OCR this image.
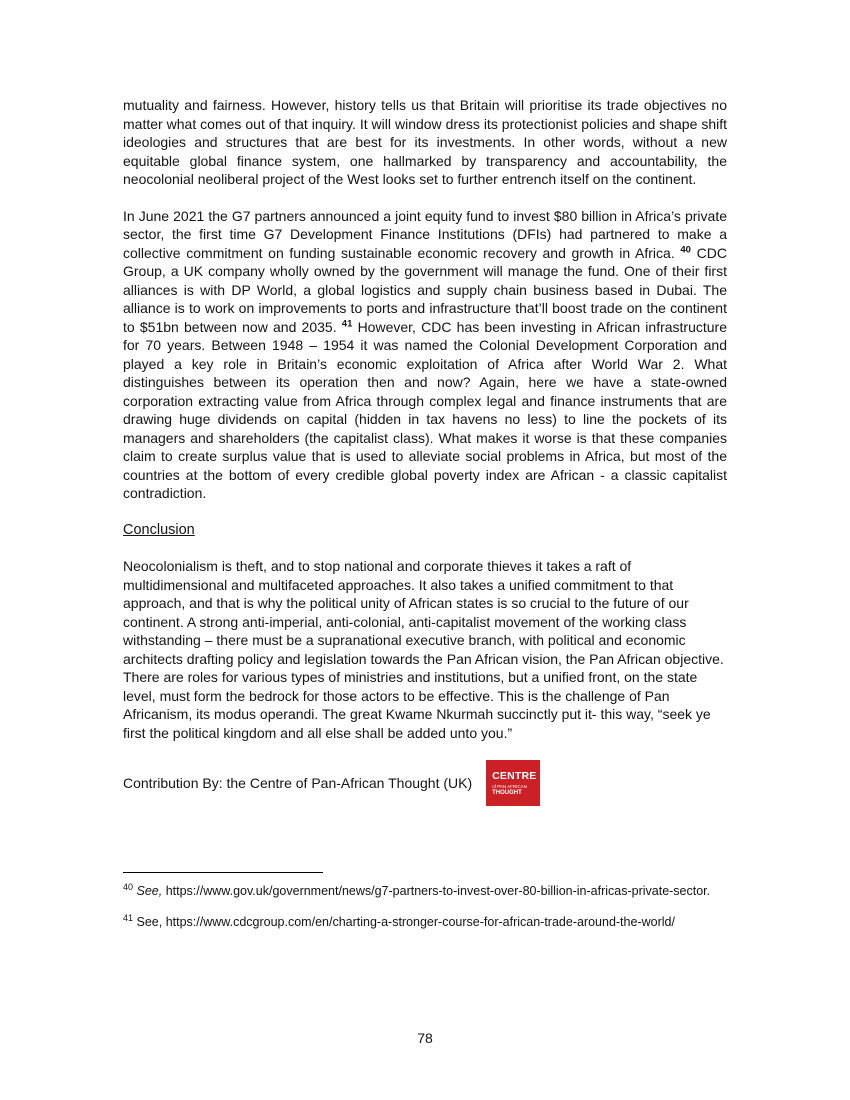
mutuality and fairness. However, history tells us that Britain will prioritise its trade objectives no matter what comes out of that inquiry. It will window dress its protectionist policies and shape shift ideologies and structures that are best for its investments. In other words, without a new equitable global finance system, one hallmarked by transparency and accountability, the neocolonial neoliberal project of the West looks set to further entrench itself on the continent.

In June 2021 the G7 partners announced a joint equity fund to invest $80 billion in Africa’s private sector, the first time G7 Development Finance Institutions (DFIs) had partnered to make a collective commitment on funding sustainable economic recovery and growth in Africa. $^{40}$ CDC Group, a UK company wholly owned by the government will manage the fund. One of their first alliances is with DP World, a global logistics and supply chain business based in Dubai. The alliance is to work on improvements to ports and infrastructure that’ll boost trade on the continent to $51bn between now and 2035. $^{41}$ However, CDC has been investing in African infrastructure for 70 years. Between 1948 – 1954 it was named the Colonial Development Corporation and played a key role in Britain’s economic exploitation of Africa after World War 2. What distinguishes between its operation then and now? Again, here we have a state-owned corporation extracting value from Africa through complex legal and finance instruments that are drawing huge dividends on capital (hidden in tax havens no less) to line the pockets of its managers and shareholders (the capitalist class). What makes it worse is that these companies claim to create surplus value that is used to alleviate social problems in Africa, but most of the countries at the bottom of every credible global poverty index are African - a classic capitalist contradiction.

Conclusion

Neocolonialism is theft, and to stop national and corporate thieves it takes a raft of multidimensional and multifaceted approaches. It also takes a unified commitment to that approach, and that is why the political unity of African states is so crucial to the future of our continent. A strong anti-imperial, anti-colonial, anti-capitalist movement of the working class withstanding – there must be a supranational executive branch, with political and economic architects drafting policy and legislation towards the Pan African vision, the Pan African objective. There are roles for various types of ministries and institutions, but a unified front, on the state level, must form the bedrock for those actors to be effective. This is the challenge of Pan Africanism, its modus operandi. The great Kwame Nkurmah succinctly put it- this way, “seek ye first the political kingdom and all else shall be added unto you.”

Contribution By: the Centre of Pan-African Thought (UK) CENTRE
of PAN AFRICAN
THOUGHT

$^{40}$ See, https://www.gov.uk/government/news/g7-partners-to-invest-over-80-billion-in-africas-private-sector.

$^{41}$ See, https://www.cdcgroup.com/en/charting-a-stronger-course-for-african-trade-around-the-world/

78
